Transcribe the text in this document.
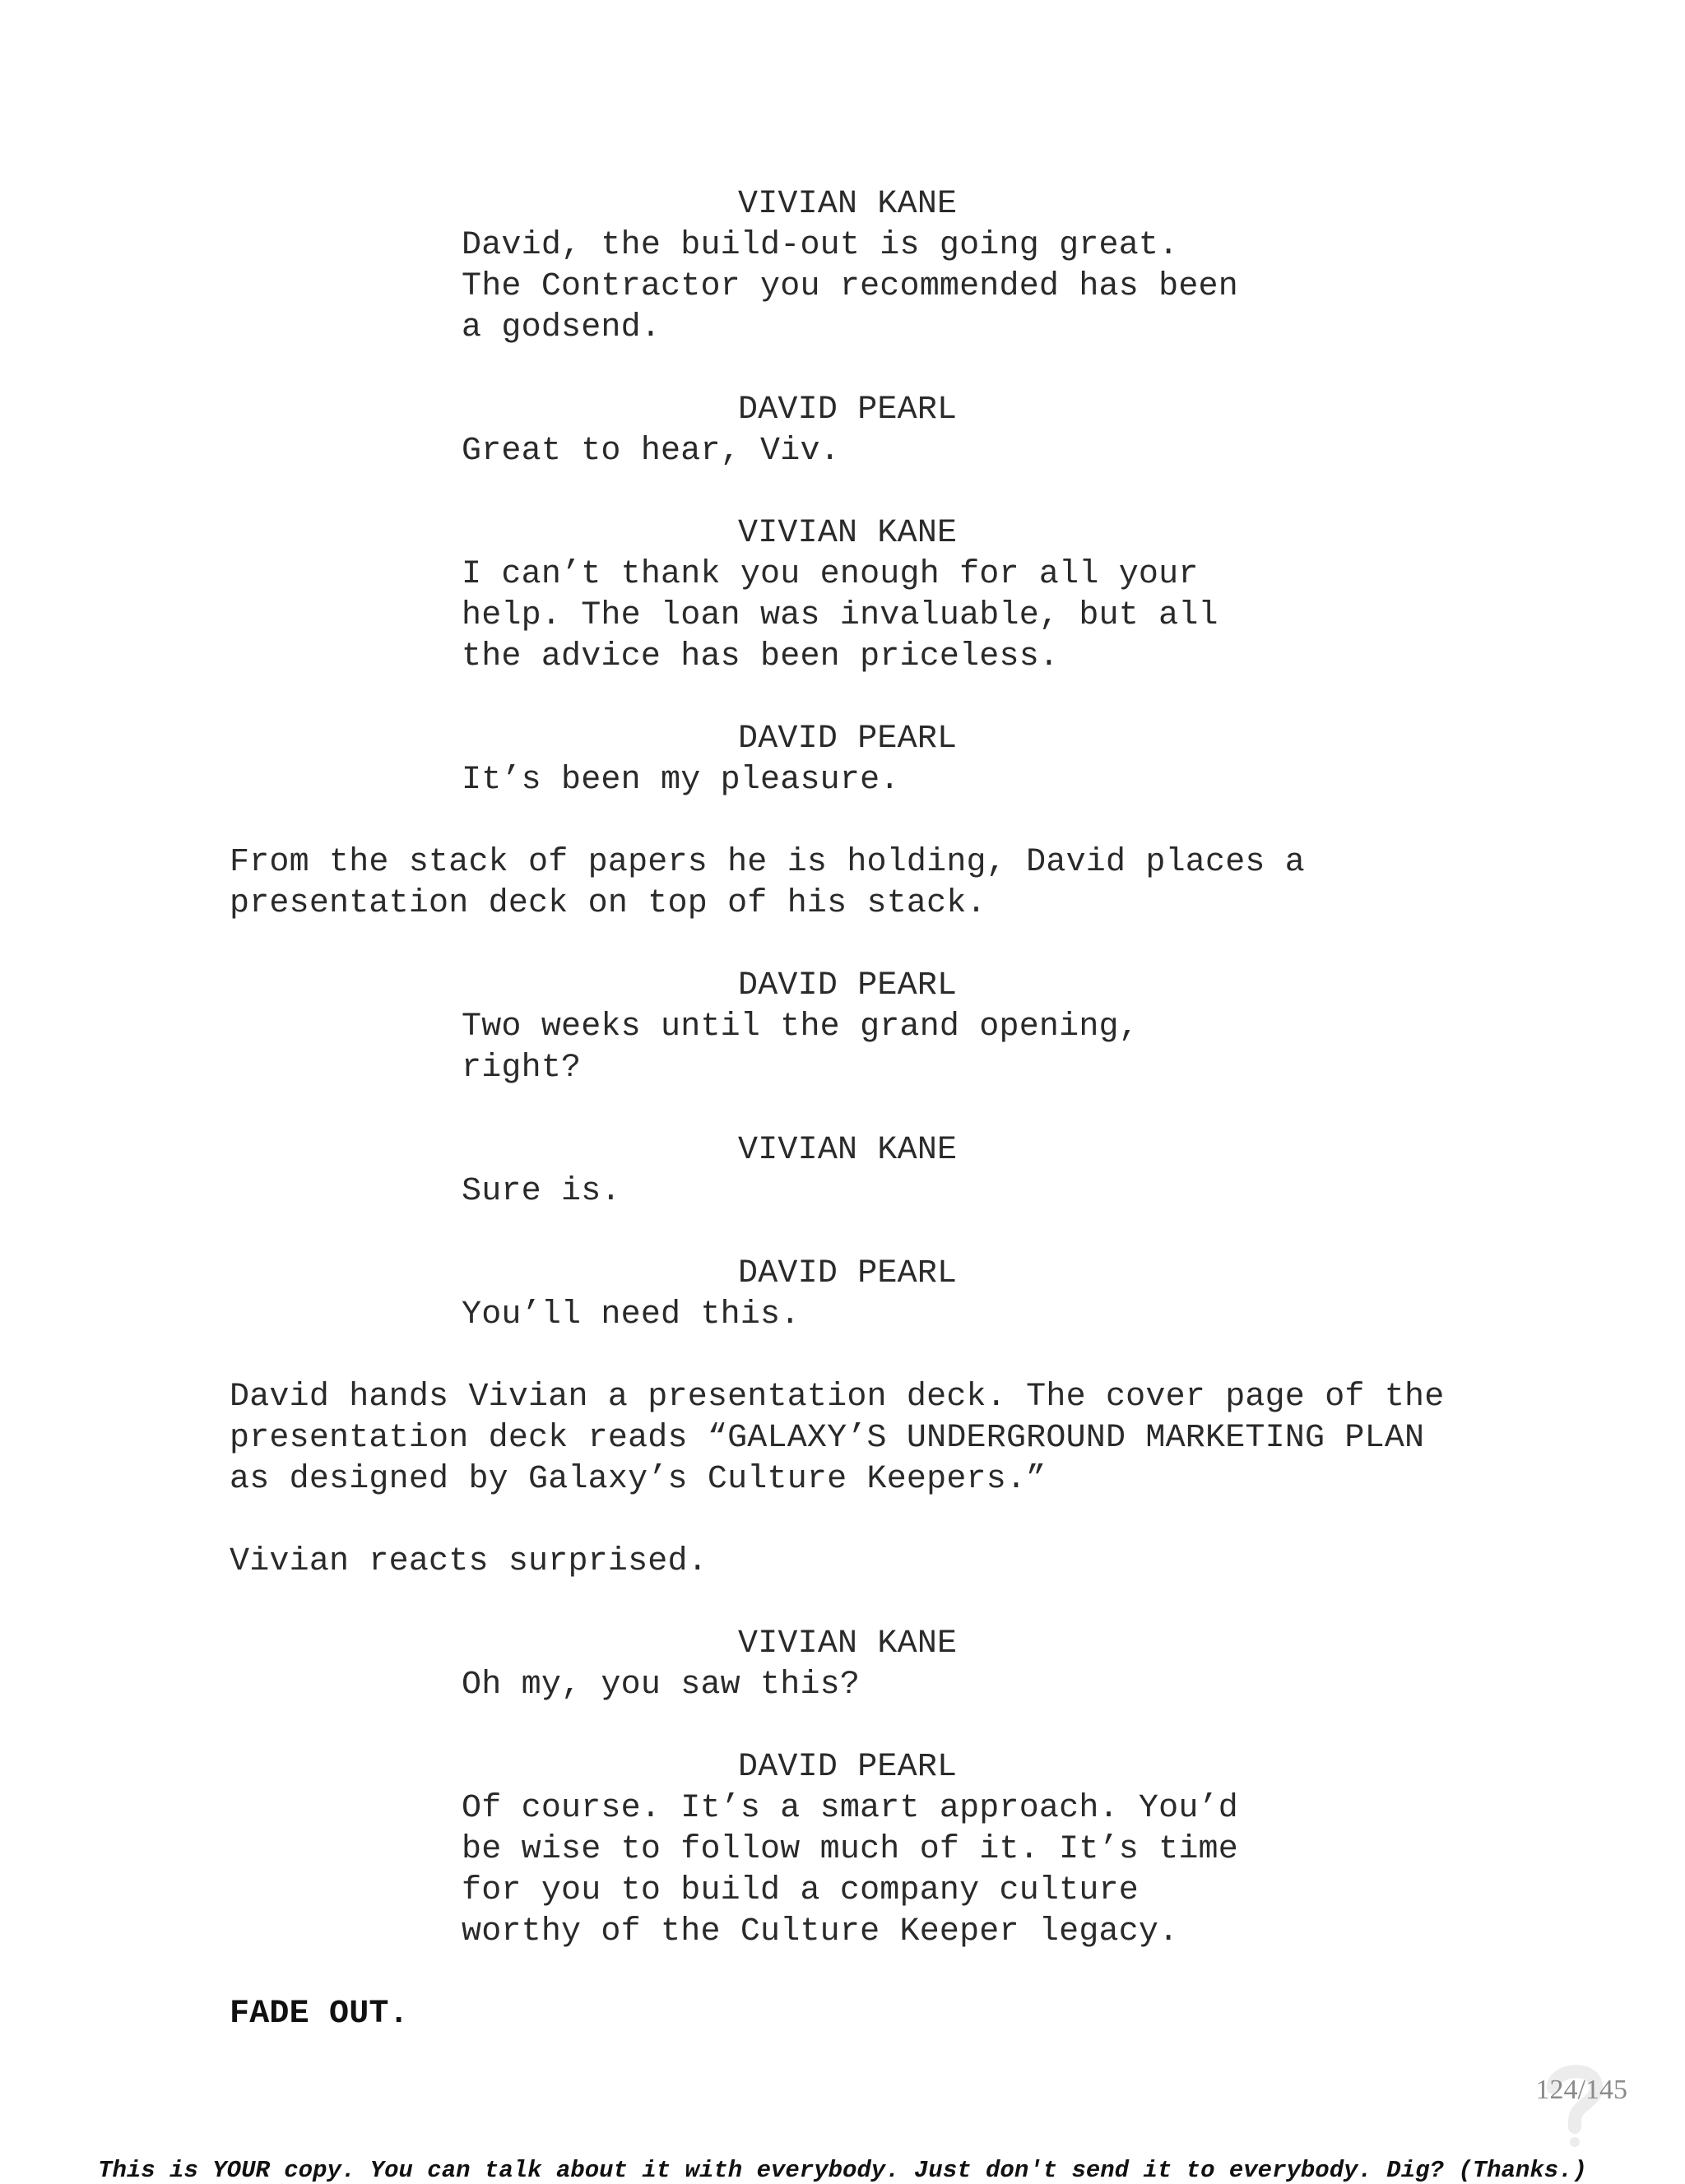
VIVIAN KANE
David, the build-out is going great.
The Contractor you recommended has been
a godsend.
DAVID PEARL
Great to hear, Viv.
VIVIAN KANE
I can’t thank you enough for all your
help. The loan was invaluable, but all
the advice has been priceless.
DAVID PEARL
It’s been my pleasure.
From the stack of papers he is holding, David places a
presentation deck on top of his stack.
DAVID PEARL
Two weeks until the grand opening,
right?
VIVIAN KANE
Sure is.
DAVID PEARL
You’ll need this.
David hands Vivian a presentation deck. The cover page of the
presentation deck reads “GALAXY’S UNDERGROUND MARKETING PLAN
as designed by Galaxy’s Culture Keepers.”
Vivian reacts surprised.
VIVIAN KANE
Oh my, you saw this?
DAVID PEARL
Of course. It’s a smart approach. You’d
be wise to follow much of it. It’s time
for you to build a company culture
worthy of the Culture Keeper legacy.
FADE OUT.
124/145
This is YOUR copy. You can talk about it with everybody. Just don't send it to everybody. Dig? (Thanks.)
